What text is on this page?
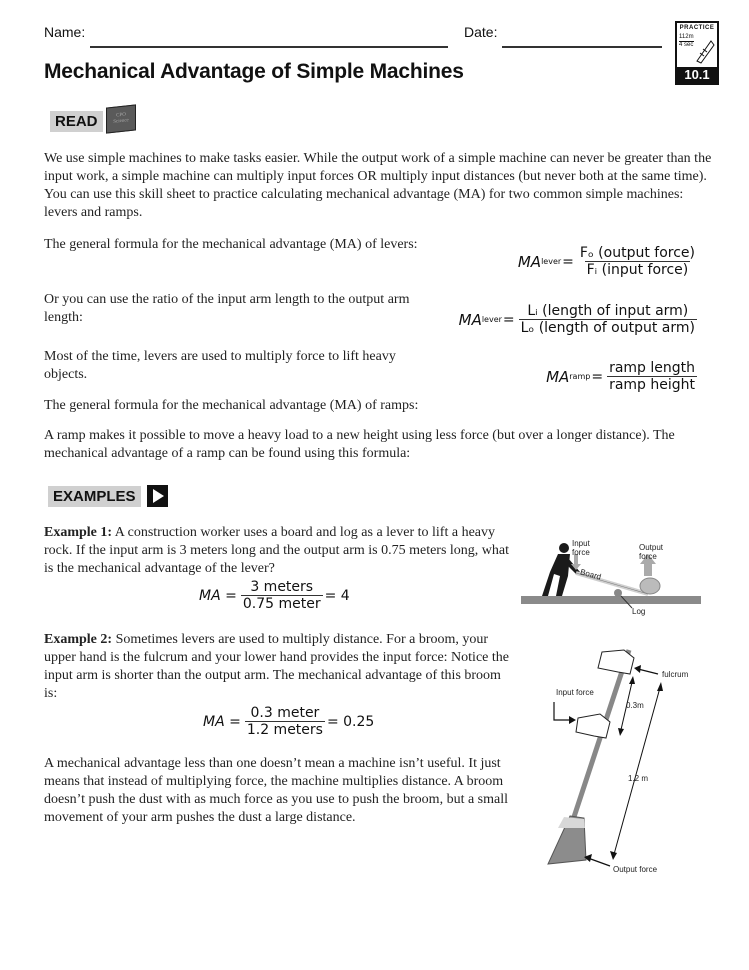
Name:	Date:	PRACTICE
112m
4 sec
10.1
Mechanical Advantage of Simple Machines
READ	CPO
Science
We use simple machines to make tasks easier. While the output work of a simple machine can never be greater than the input work, a simple machine can multiply input forces OR multiply input distances (but never both at the same time). You can use this skill sheet to practice calculating mechanical advantage (MA) for two common simple machines: levers and ramps.
The general formula for the mechanical advantage (MA) of levers:
Or you can use the ratio of the input arm length to the output arm length:
Most of the time, levers are used to multiply force to lift heavy objects.
The general formula for the mechanical advantage (MA) of ramps:
MA lever = $\frac{\text{Fₒ (output force)}}{\text{Fᵢ (input force)}}$
MA lever = $\frac{\text{Lᵢ (length of input arm)}}{\text{Lₒ (length of output arm)}}$
MA ramp = $\frac{\text{ramp length}}{\text{ramp height}}$
A ramp makes it possible to move a heavy load to a new height using less force (but over a longer distance). The mechanical advantage of a ramp can be found using this formula:
EXAMPLES
Example 1: A construction worker uses a board and log as a lever to lift a heavy rock. If the input arm is 3 meters long and the output arm is 0.75 meters long, what is the mechanical advantage of the lever?
MA = $\frac{\text{3 meters}}{\text{0.75 meter}} = 4$
Input force
Output force
Board
Log
Example 2: Sometimes levers are used to multiply distance. For a broom, your upper hand is the fulcrum and your lower hand provides the input force: Notice the input arm is shorter than the output arm. The mechanical advantage of this broom is:
MA = $\frac{\text{0.3 meter}}{\text{1.2 meters}} = 0.25$
fulcrum
Input force
0.3m
1.2 m
Output force
A mechanical advantage less than one doesn’t mean a machine isn’t useful. It just means that instead of multiplying force, the machine multiplies distance. A broom doesn’t push the dust with as much force as you use to push the broom, but a small movement of your arm pushes the dust a large distance.
